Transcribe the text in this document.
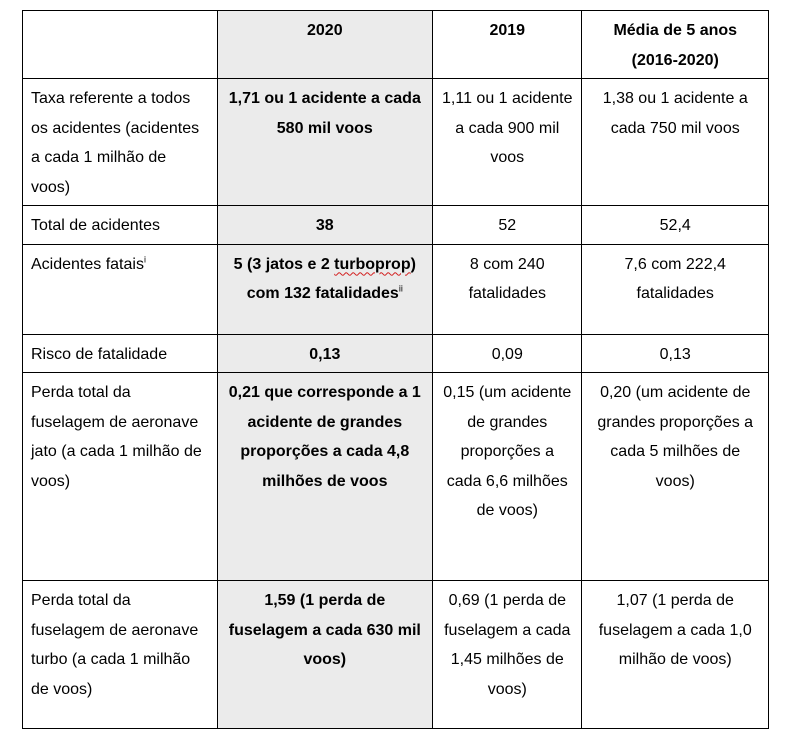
	2020	2019	Média de 5 anos (2016-2020)
Taxa referente a todos os acidentes (acidentes a cada 1 milhão de voos)	1,71 ou 1 acidente a cada 580 mil voos	1,11 ou 1 acidente a cada 900 mil voos	1,38 ou 1 acidente a cada 750 mil voos
Total de acidentes	38	52	52,4
Acidentes fatais$^i$	5 (3 jatos e 2 turboprop) com 132 fatalidades$^{ii}$	8 com 240 fatalidades	7,6 com 222,4 fatalidades
Risco de fatalidade	0,13	0,09	0,13
Perda total da fuselagem de aeronave jato (a cada 1 milhão de voos)	0,21 que corresponde a 1 acidente de grandes proporções a cada 4,8 milhões de voos	0,15 (um acidente de grandes proporções a cada 6,6 milhões de voos)	0,20 (um acidente de grandes proporções a cada 5 milhões de voos)
Perda total da fuselagem de aeronave turbo (a cada 1 milhão de voos)	1,59 (1 perda de fuselagem a cada 630 mil voos)	0,69 (1 perda de fuselagem a cada 1,45 milhões de voos)	1,07 (1 perda de fuselagem a cada 1,0 milhão de voos)
